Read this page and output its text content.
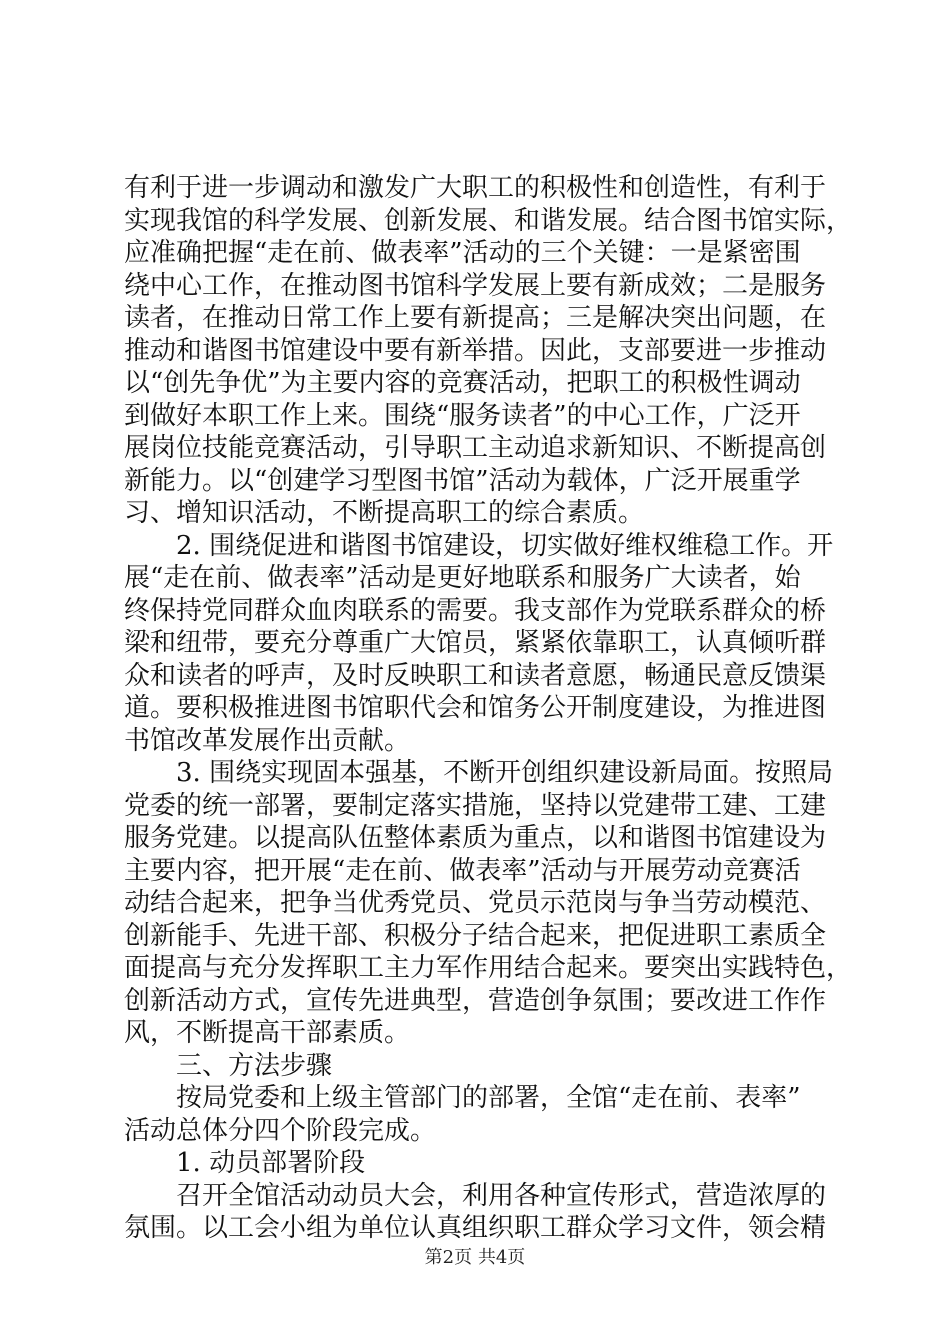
有利于进一步调动和激发广大职工的积极性和创造性，有利于
实现我馆的科学发展、创新发展、和谐发展。结合图书馆实际，
应准确把握“走在前、做表率”活动的三个关键：一是紧密围
绕中心工作，在推动图书馆科学发展上要有新成效；二是服务
读者，在推动日常工作上要有新提高；三是解决突出问题，在
推动和谐图书馆建设中要有新举措。因此，支部要进一步推动
以“创先争优”为主要内容的竞赛活动，把职工的积极性调动
到做好本职工作上来。围绕“服务读者”的中心工作，广泛开
展岗位技能竞赛活动，引导职工主动追求新知识、不断提高创
新能力。以“创建学习型图书馆”活动为载体，广泛开展重学
习、增知识活动，不断提高职工的综合素质。
2. 围绕促进和谐图书馆建设，切实做好维权维稳工作。开
展“走在前、做表率”活动是更好地联系和服务广大读者，始
终保持党同群众血肉联系的需要。我支部作为党联系群众的桥
梁和纽带，要充分尊重广大馆员，紧紧依靠职工，认真倾听群
众和读者的呼声，及时反映职工和读者意愿，畅通民意反馈渠
道。要积极推进图书馆职代会和馆务公开制度建设，为推进图
书馆改革发展作出贡献。
3. 围绕实现固本强基，不断开创组织建设新局面。按照局
党委的统一部署，要制定落实措施，坚持以党建带工建、工建
服务党建。以提高队伍整体素质为重点，以和谐图书馆建设为
主要内容，把开展“走在前、做表率”活动与开展劳动竞赛活
动结合起来，把争当优秀党员、党员示范岗与争当劳动模范、
创新能手、先进干部、积极分子结合起来，把促进职工素质全
面提高与充分发挥职工主力军作用结合起来。要突出实践特色，
创新活动方式，宣传先进典型，营造创争氛围；要改进工作作
风，不断提高干部素质。
三、方法步骤
按局党委和上级主管部门的部署，全馆“走在前、表率”
活动总体分四个阶段完成。
1. 动员部署阶段
召开全馆活动动员大会，利用各种宣传形式，营造浓厚的
氛围。以工会小组为单位认真组织职工群众学习文件，领会精
第2页 共4页
